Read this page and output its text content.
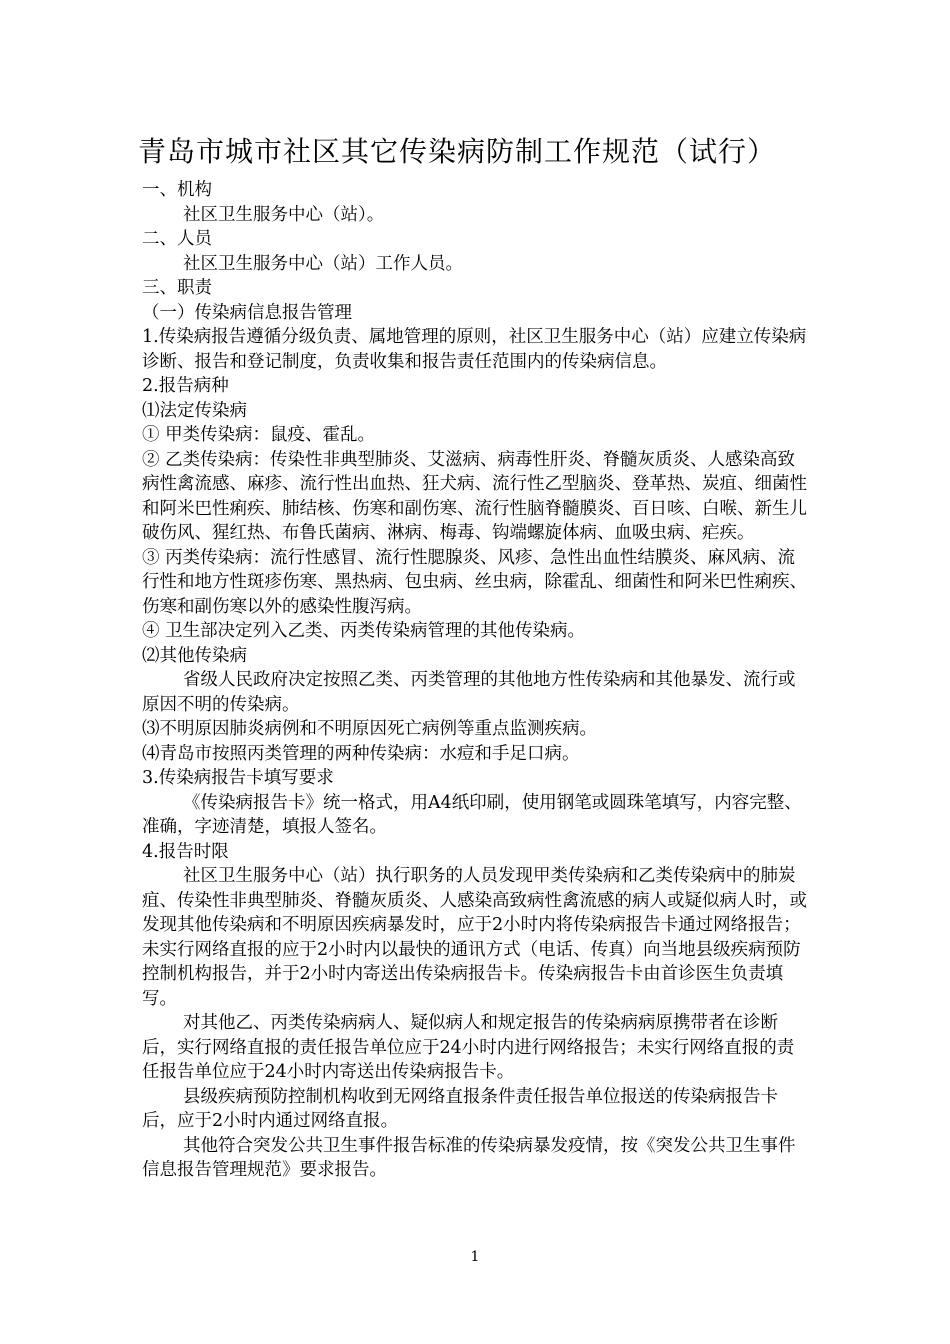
青岛市城市社区其它传染病防制工作规范（试行）

一、机构

社区卫生服务中心（站）。

二、人员

社区卫生服务中心（站）工作人员。

三、职责

（一）传染病信息报告管理

1.传染病报告遵循分级负责、属地管理的原则，社区卫生服务中心（站）应建立传染病诊断、报告和登记制度，负责收集和报告责任范围内的传染病信息。

2.报告病种

⑴法定传染病

① 甲类传染病：鼠疫、霍乱。

② 乙类传染病：传染性非典型肺炎、艾滋病、病毒性肝炎、脊髓灰质炎、人感染高致病性禽流感、麻疹、流行性出血热、狂犬病、流行性乙型脑炎、登革热、炭疽、细菌性和阿米巴性痢疾、肺结核、伤寒和副伤寒、流行性脑脊髓膜炎、百日咳、白喉、新生儿破伤风、猩红热、布鲁氏菌病、淋病、梅毒、钩端螺旋体病、血吸虫病、疟疾。

③ 丙类传染病：流行性感冒、流行性腮腺炎、风疹、急性出血性结膜炎、麻风病、流行性和地方性斑疹伤寒、黑热病、包虫病、丝虫病，除霍乱、细菌性和阿米巴性痢疾、伤寒和副伤寒以外的感染性腹泻病。

④ 卫生部决定列入乙类、丙类传染病管理的其他传染病。

⑵其他传染病

省级人民政府决定按照乙类、丙类管理的其他地方性传染病和其他暴发、流行或原因不明的传染病。

⑶不明原因肺炎病例和不明原因死亡病例等重点监测疾病。

⑷青岛市按照丙类管理的两种传染病：水痘和手足口病。

3.传染病报告卡填写要求

《传染病报告卡》统一格式，用A4纸印刷，使用钢笔或圆珠笔填写，内容完整、准确，字迹清楚，填报人签名。

4.报告时限

社区卫生服务中心（站）执行职务的人员发现甲类传染病和乙类传染病中的肺炭疽、传染性非典型肺炎、脊髓灰质炎、人感染高致病性禽流感的病人或疑似病人时，或发现其他传染病和不明原因疾病暴发时，应于2小时内将传染病报告卡通过网络报告；未实行网络直报的应于2小时内以最快的通讯方式（电话、传真）向当地县级疾病预防控制机构报告，并于2小时内寄送出传染病报告卡。传染病报告卡由首诊医生负责填写。

对其他乙、丙类传染病病人、疑似病人和规定报告的传染病病原携带者在诊断后，实行网络直报的责任报告单位应于24小时内进行网络报告；未实行网络直报的责任报告单位应于24小时内寄送出传染病报告卡。

县级疾病预防控制机构收到无网络直报条件责任报告单位报送的传染病报告卡后，应于2小时内通过网络直报。

其他符合突发公共卫生事件报告标准的传染病暴发疫情，按《突发公共卫生事件信息报告管理规范》要求报告。

1
